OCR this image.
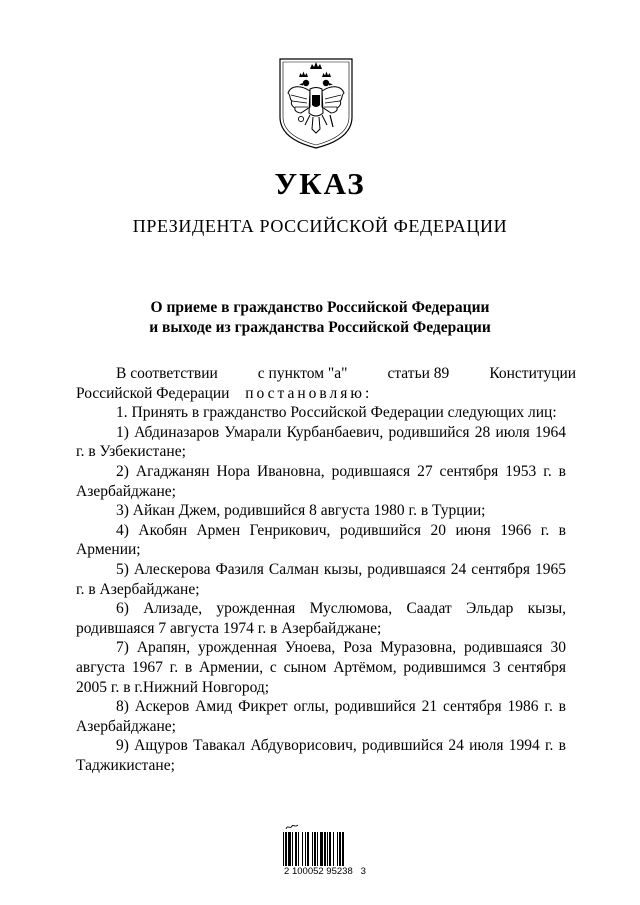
УКАЗ
ПРЕЗИДЕНТА РОССИЙСКОЙ ФЕДЕРАЦИИ
О приеме в гражданство Российской Федерации
и выходе из гражданства Российской Федерации
В соответствии	с пунктом "а"	статьи 89	Конституции
Российской Федерации постановляю:

1. Принять в гражданство Российской Федерации следующих лиц:

1) Абдиназаров Умарали Курбанбаевич, родившийся 28 июля 1964 г. в Узбекистане;

2) Агаджанян Нора Ивановна, родившаяся 27 сентября 1953 г. в Азербайджане;

3) Айкан Джем, родившийся 8 августа 1980 г. в Турции;

4) Акобян Армен Генрикович, родившийся 20 июня 1966 г. в Армении;

5) Алескерова Фазиля Салман кызы, родившаяся 24 сентября 1965 г. в Азербайджане;

6) Ализаде, урожденная Муслюмова, Саадат Эльдар кызы, родившаяся 7 августа 1974 г. в Азербайджане;

7) Арапян, урожденная Унoева, Роза Муразовна, родившаяся 30 августа 1967 г. в Армении, с сыном Артёмом, родившимся 3 сентября 2005 г. в г.Нижний Новгород;

8) Аскеров Амид Фикрет оглы, родившийся 21 сентября 1986 г. в Азербайджане;

9) Ащуров Тавакал Абдуворисович, родившийся 24 июля 1994 г. в Таджикистане;

2 100052 95238   3
